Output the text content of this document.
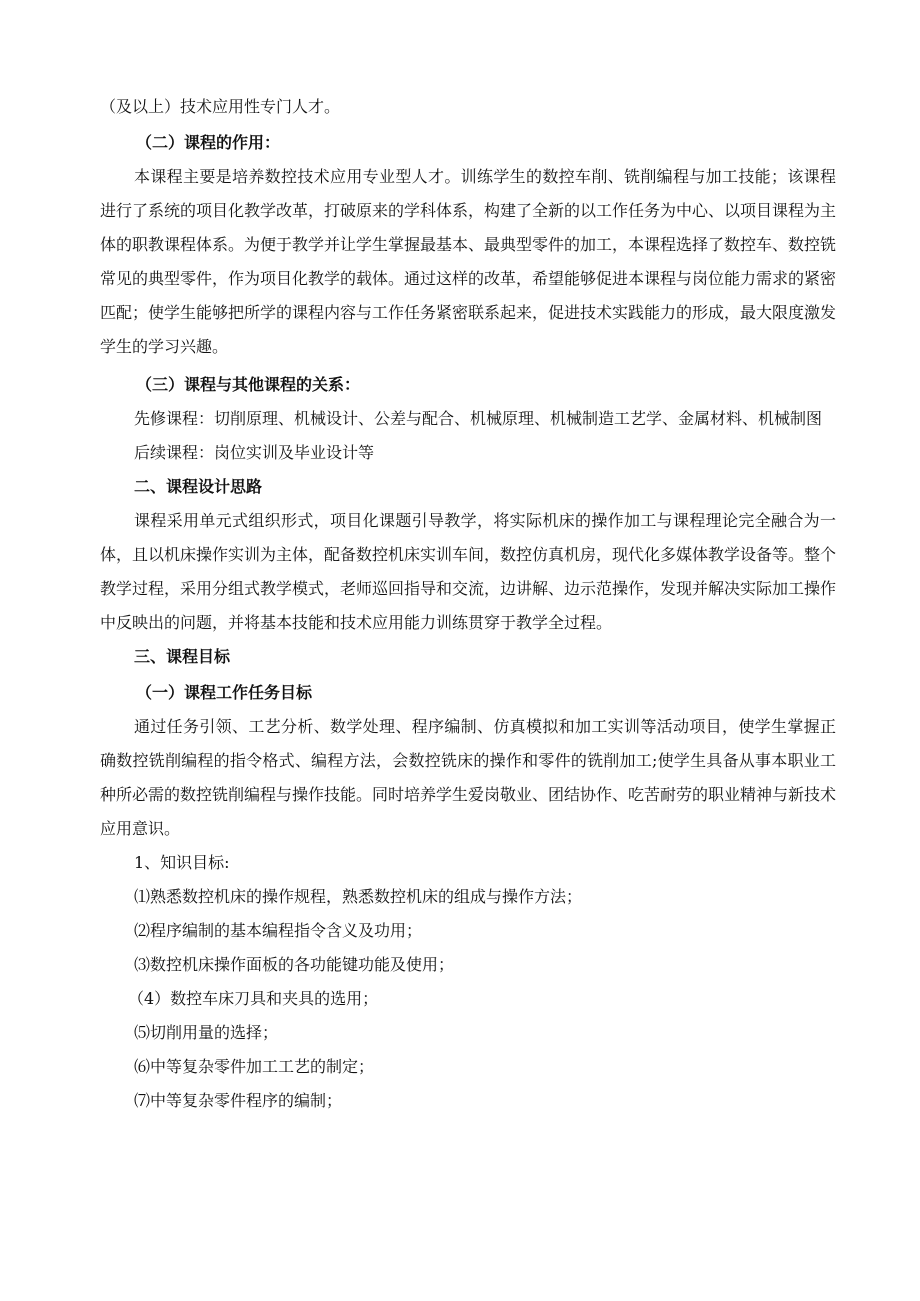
（及以上）技术应用性专门人才。

（二）课程的作用：

本课程主要是培养数控技术应用专业型人才。训练学生的数控车削、铣削编程与加工技能；该课程进行了系统的项目化教学改革，打破原来的学科体系，构建了全新的以工作任务为中心、以项目课程为主体的职教课程体系。为便于教学并让学生掌握最基本、最典型零件的加工，本课程选择了数控车、数控铣常见的典型零件，作为项目化教学的载体。通过这样的改革，希望能够促进本课程与岗位能力需求的紧密匹配；使学生能够把所学的课程内容与工作任务紧密联系起来，促进技术实践能力的形成，最大限度激发学生的学习兴趣。

（三）课程与其他课程的关系：

先修课程：切削原理、机械设计、公差与配合、机械原理、机械制造工艺学、金属材料、机械制图

后续课程：岗位实训及毕业设计等

二、课程设计思路

课程采用单元式组织形式，项目化课题引导教学，将实际机床的操作加工与课程理论完全融合为一体，且以机床操作实训为主体，配备数控机床实训车间，数控仿真机房，现代化多媒体教学设备等。整个教学过程，采用分组式教学模式，老师巡回指导和交流，边讲解、边示范操作，发现并解决实际加工操作中反映出的问题，并将基本技能和技术应用能力训练贯穿于教学全过程。

三、课程目标

（一）课程工作任务目标

通过任务引领、工艺分析、数学处理、程序编制、仿真模拟和加工实训等活动项目，使学生掌握正确数控铣削编程的指令格式、编程方法，会数控铣床的操作和零件的铣削加工;使学生具备从事本职业工种所必需的数控铣削编程与操作技能。同时培养学生爱岗敬业、团结协作、吃苦耐劳的职业精神与新技术应用意识。

1、知识目标:

⑴熟悉数控机床的操作规程，熟悉数控机床的组成与操作方法；

⑵程序编制的基本编程指令含义及功用；

⑶数控机床操作面板的各功能键功能及使用；

（4）数控车床刀具和夹具的选用；

⑸切削用量的选择；

⑹中等复杂零件加工工艺的制定；

⑺中等复杂零件程序的编制；
